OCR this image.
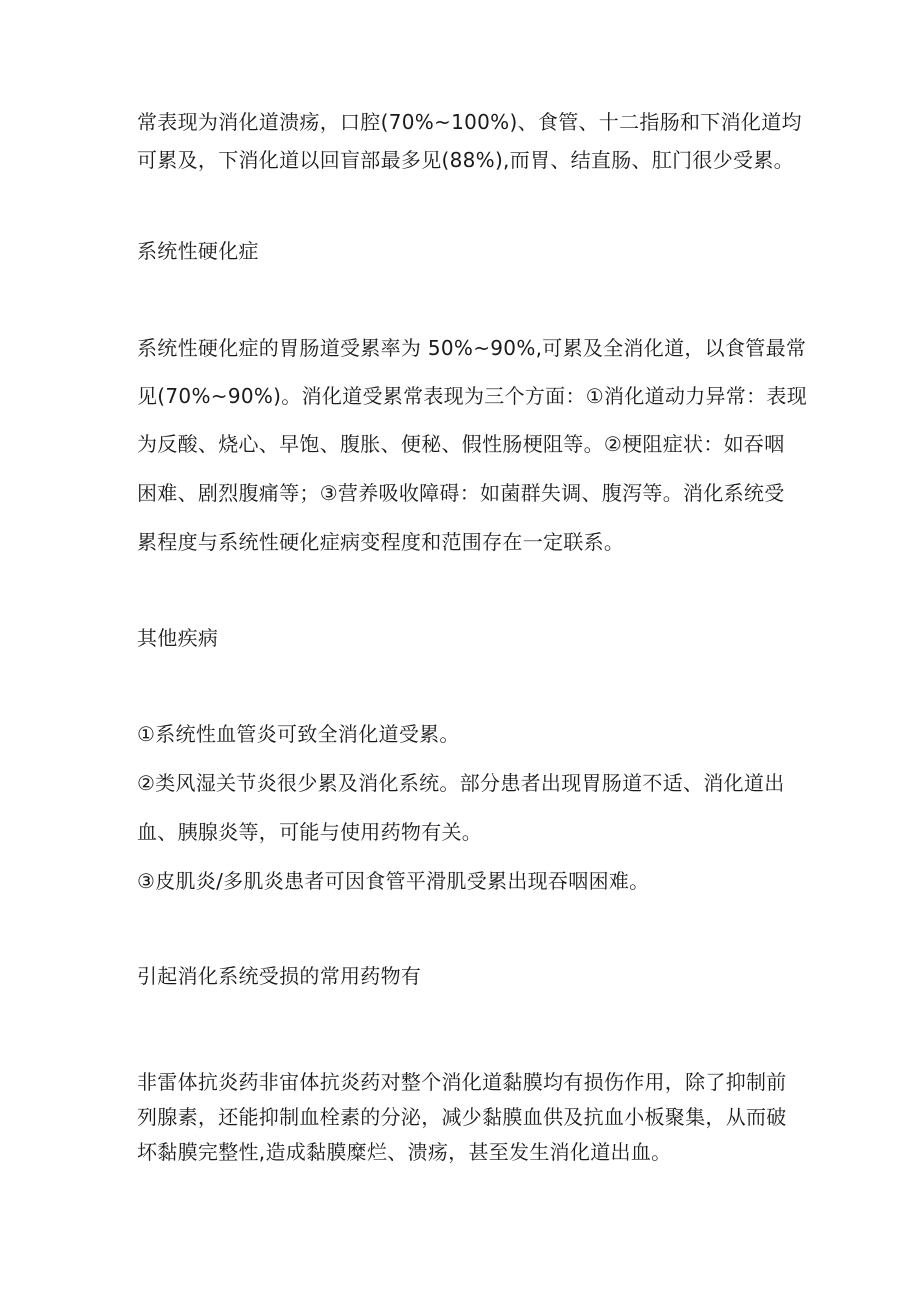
常表现为消化道溃疡，口腔(70%~100%)、食管、十二指肠和下消化道均
可累及，下消化道以回盲部最多见(88%),而胃、结直肠、肛门很少受累。
系统性硬化症
系统性硬化症的胃肠道受累率为 50%~90%,可累及全消化道，以食管最常
见(70%~90%)。消化道受累常表现为三个方面：①消化道动力异常：表现
为反酸、烧心、早饱、腹胀、便秘、假性肠梗阻等。②梗阻症状：如吞咽
困难、剧烈腹痛等；③营养吸收障碍：如菌群失调、腹泻等。消化系统受
累程度与系统性硬化症病变程度和范围存在一定联系。
其他疾病
①系统性血管炎可致全消化道受累。
②类风湿关节炎很少累及消化系统。部分患者出现胃肠道不适、消化道出
血、胰腺炎等，可能与使用药物有关。
③皮肌炎/多肌炎患者可因食管平滑肌受累出现吞咽困难。
引起消化系统受损的常用药物有
非雷体抗炎药非宙体抗炎药对整个消化道黏膜均有损伤作用，除了抑制前
列腺素，还能抑制血栓素的分泌，减少黏膜血供及抗血小板聚集，从而破
坏黏膜完整性,造成黏膜糜烂、溃疡，甚至发生消化道出血。
